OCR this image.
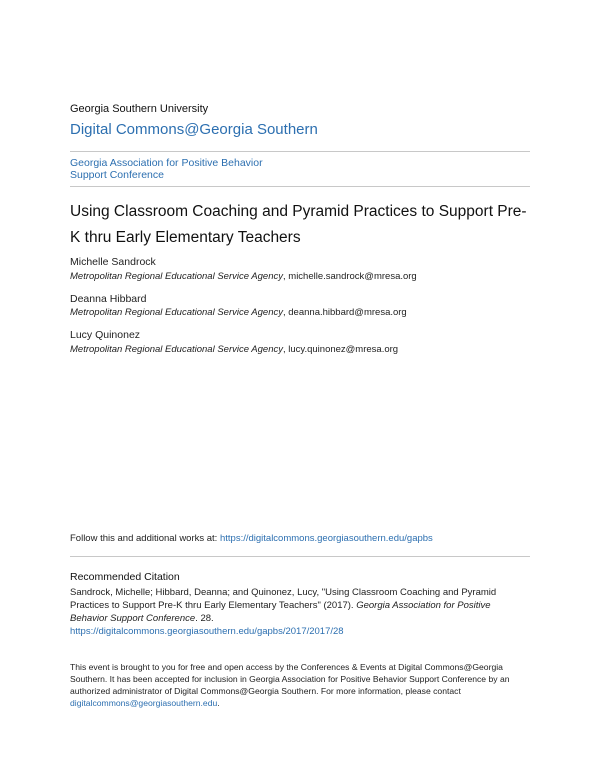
Georgia Southern University
Digital Commons@Georgia Southern
Georgia Association for Positive Behavior
Support Conference
Using Classroom Coaching and Pyramid Practices to Support Pre-
K thru Early Elementary Teachers
Michelle Sandrock
Metropolitan Regional Educational Service Agency, michelle.sandrock@mresa.org
Deanna Hibbard
Metropolitan Regional Educational Service Agency, deanna.hibbard@mresa.org
Lucy Quinonez
Metropolitan Regional Educational Service Agency, lucy.quinonez@mresa.org
Follow this and additional works at: https://digitalcommons.georgiasouthern.edu/gapbs
Recommended Citation
Sandrock, Michelle; Hibbard, Deanna; and Quinonez, Lucy, "Using Classroom Coaching and Pyramid
Practices to Support Pre-K thru Early Elementary Teachers" (2017). Georgia Association for Positive
Behavior Support Conference. 28.
https://digitalcommons.georgiasouthern.edu/gapbs/2017/2017/28
This event is brought to you for free and open access by the Conferences & Events at Digital Commons@Georgia
Southern. It has been accepted for inclusion in Georgia Association for Positive Behavior Support Conference by an
authorized administrator of Digital Commons@Georgia Southern. For more information, please contact
digitalcommons@georgiasouthern.edu.
